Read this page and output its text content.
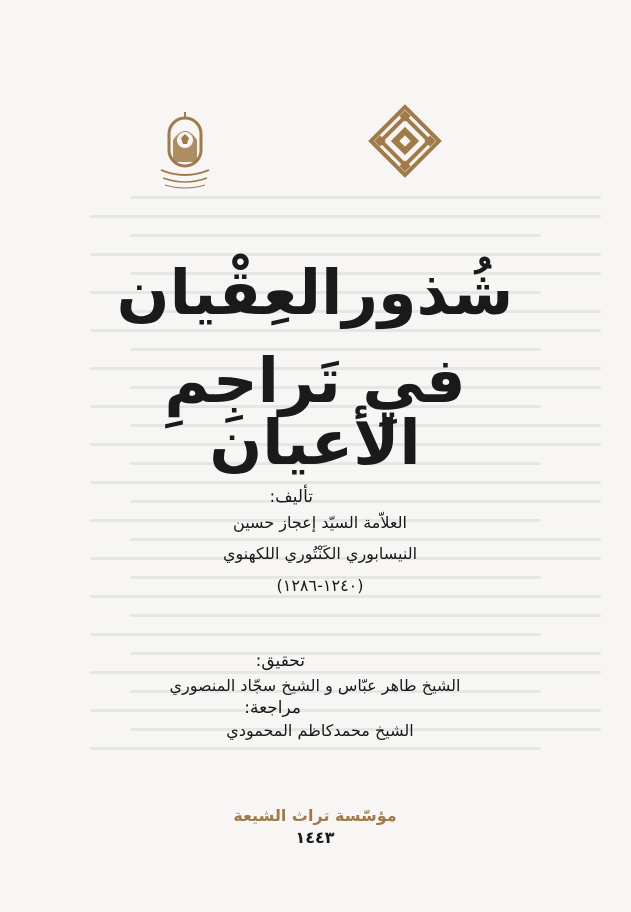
شُذورالعِقْيان
فيِ تَراجِمِ الأعيان
تأليف:
العلاّمة السيّد إعجاز حسين
النيسابوري الكَنْتُوري اللكهنوي
(١٢٤٠-١٢٨٦)
تحقيق:
الشيخ طاهر عبّاس و الشيخ سجّاد المنصوري
مراجعة:
الشيخ محمدكاظم المحمودي
مؤسّسة تراث الشيعة
١٤٤٣
